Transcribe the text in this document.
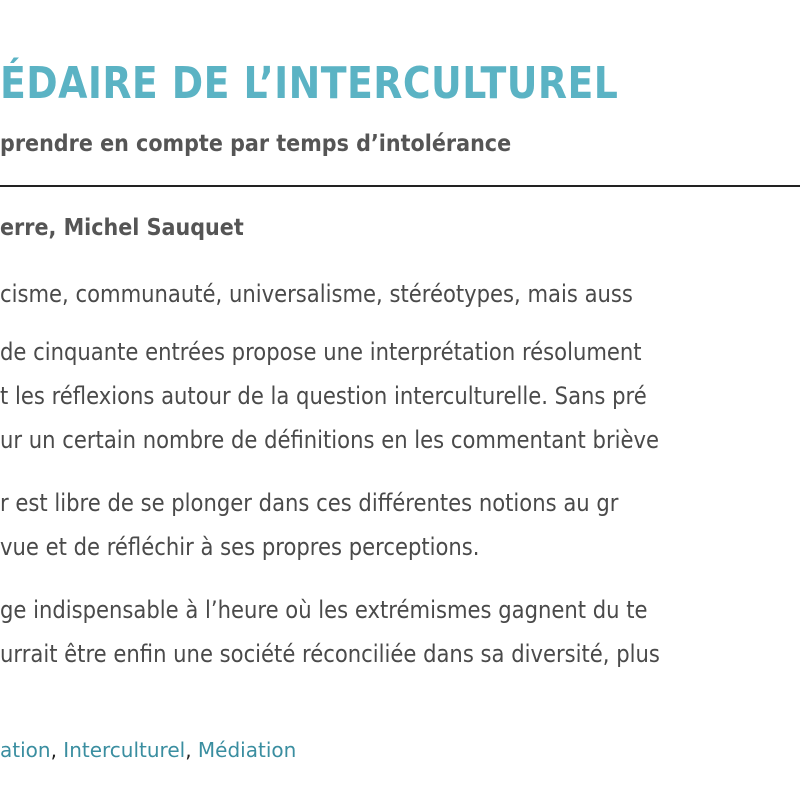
ÉDAIRE DE L’INTERCULTUREL
prendre en compte par temps d’intolérance
erre, Michel Sauquet

cisme, communauté, universalisme, stéréotypes, mais auss

de cinquante entrées propose une interprétation résolument

t les réflexions autour de la question interculturelle. Sans pré

ur un certain nombre de définitions en les commentant briève

r est libre de se plonger dans ces différentes notions au gr

vue et de réfléchir à ses propres perceptions.

ge indispensable à l’heure où les extrémismes gagnent du te

urrait être enfin une société réconciliée dans sa diversité, plus

ation, Interculturel, Médiation
